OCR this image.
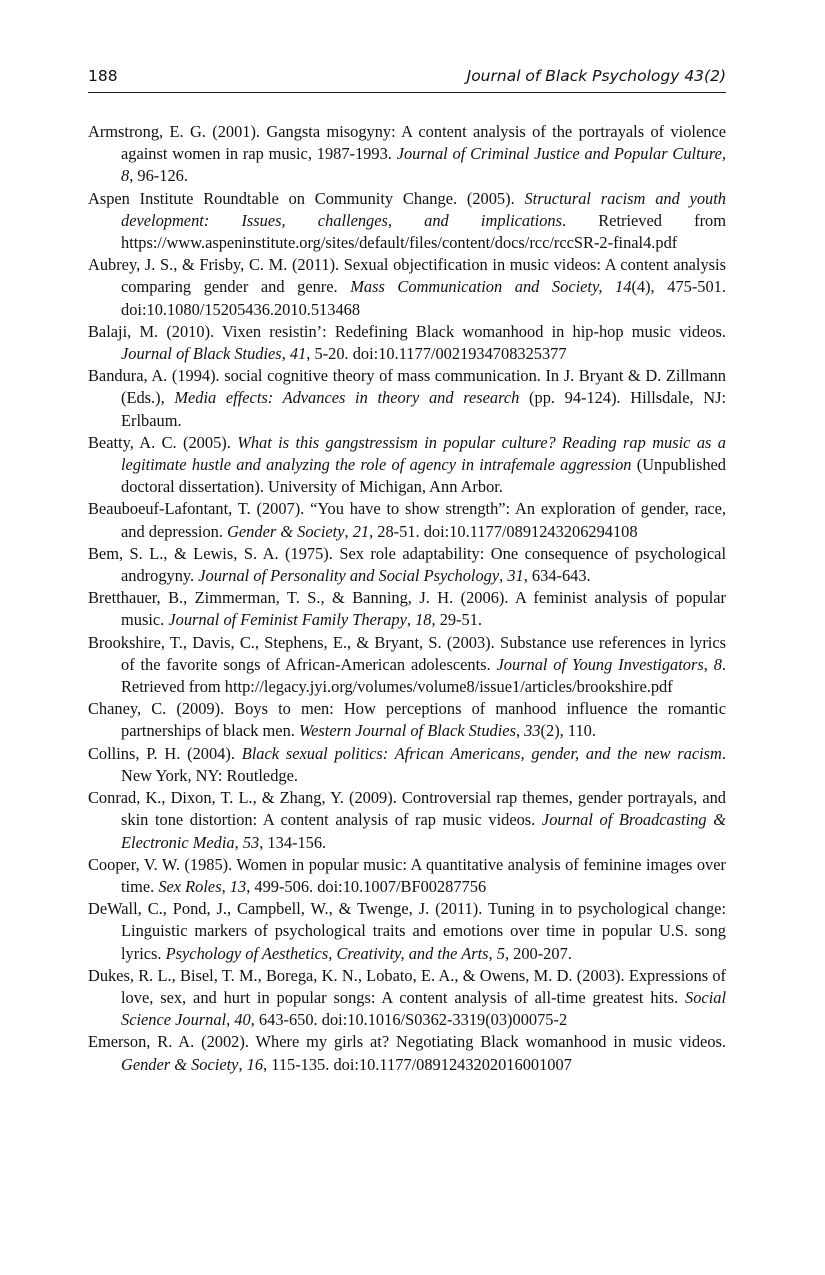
188	Journal of Black Psychology 43(2)

Armstrong, E. G. (2001). Gangsta misogyny: A content analysis of the portrayals of violence against women in rap music, 1987-1993. Journal of Criminal Justice and Popular Culture, 8, 96-126.

Aspen Institute Roundtable on Community Change. (2005). Structural racism and youth development: Issues, challenges, and implications. Retrieved from https://www.aspeninstitute.org/sites/default/files/content/docs/rcc/rccSR-2-final4.pdf

Aubrey, J. S., & Frisby, C. M. (2011). Sexual objectification in music videos: A content analysis comparing gender and genre. Mass Communication and Society, 14(4), 475-501. doi:10.1080/15205436.2010.513468

Balaji, M. (2010). Vixen resistin’: Redefining Black womanhood in hip-hop music videos. Journal of Black Studies, 41, 5-20. doi:10.1177/0021934708325377

Bandura, A. (1994). social cognitive theory of mass communication. In J. Bryant & D. Zillmann (Eds.), Media effects: Advances in theory and research (pp. 94-124). Hillsdale, NJ: Erlbaum.

Beatty, A. C. (2005). What is this gangstressism in popular culture? Reading rap music as a legitimate hustle and analyzing the role of agency in intrafemale aggression (Unpublished doctoral dissertation). University of Michigan, Ann Arbor.

Beauboeuf-Lafontant, T. (2007). “You have to show strength”: An exploration of gender, race, and depression. Gender & Society, 21, 28-51. doi:10.1177/0891243206294108

Bem, S. L., & Lewis, S. A. (1975). Sex role adaptability: One consequence of psychological androgyny. Journal of Personality and Social Psychology, 31, 634-643.

Bretthauer, B., Zimmerman, T. S., & Banning, J. H. (2006). A feminist analysis of popular music. Journal of Feminist Family Therapy, 18, 29-51.

Brookshire, T., Davis, C., Stephens, E., & Bryant, S. (2003). Substance use references in lyrics of the favorite songs of African-American adolescents. Journal of Young Investigators, 8. Retrieved from http://legacy.jyi.org/volumes/volume8/issue1/articles/brookshire.pdf

Chaney, C. (2009). Boys to men: How perceptions of manhood influence the romantic partnerships of black men. Western Journal of Black Studies, 33(2), 110.

Collins, P. H. (2004). Black sexual politics: African Americans, gender, and the new racism. New York, NY: Routledge.

Conrad, K., Dixon, T. L., & Zhang, Y. (2009). Controversial rap themes, gender portrayals, and skin tone distortion: A content analysis of rap music videos. Journal of Broadcasting & Electronic Media, 53, 134-156.

Cooper, V. W. (1985). Women in popular music: A quantitative analysis of feminine images over time. Sex Roles, 13, 499-506. doi:10.1007/BF00287756

DeWall, C., Pond, J., Campbell, W., & Twenge, J. (2011). Tuning in to psychological change: Linguistic markers of psychological traits and emotions over time in popular U.S. song lyrics. Psychology of Aesthetics, Creativity, and the Arts, 5, 200-207.

Dukes, R. L., Bisel, T. M., Borega, K. N., Lobato, E. A., & Owens, M. D. (2003). Expressions of love, sex, and hurt in popular songs: A content analysis of all-time greatest hits. Social Science Journal, 40, 643-650. doi:10.1016/S0362-3319(03)00075-2

Emerson, R. A. (2002). Where my girls at? Negotiating Black womanhood in music videos. Gender & Society, 16, 115-135. doi:10.1177/0891243202016001007
